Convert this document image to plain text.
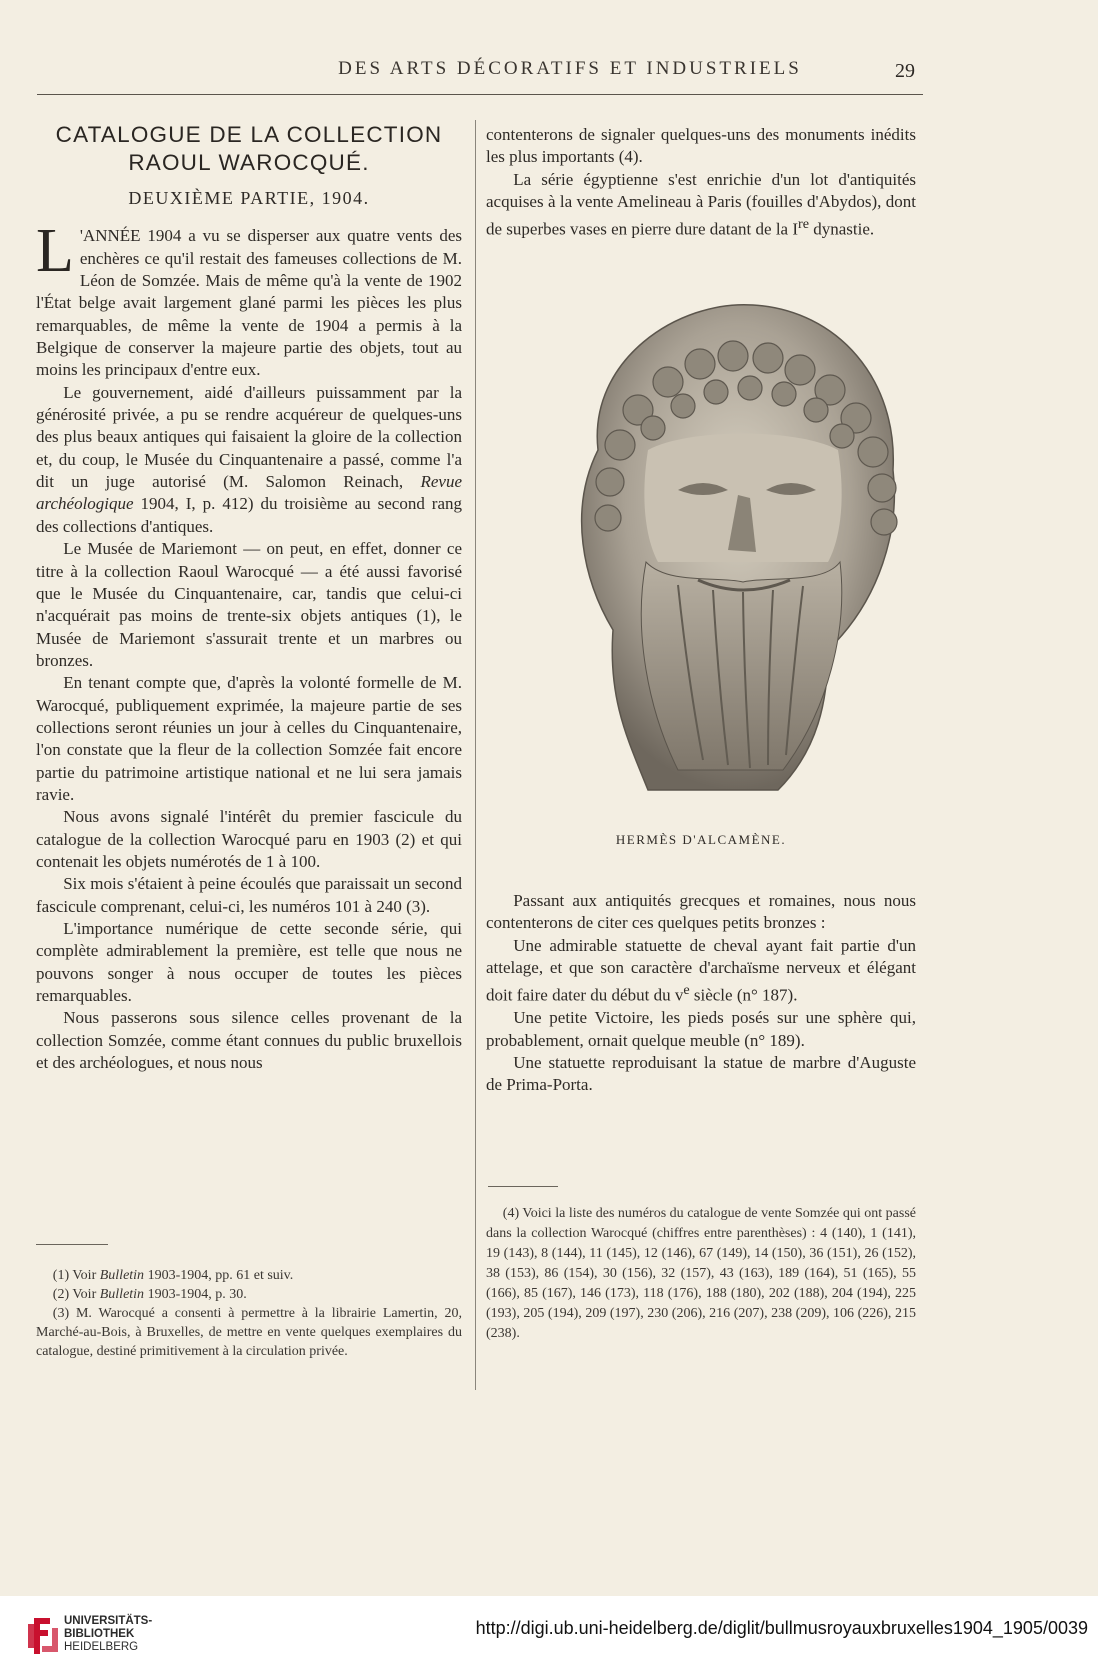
DES ARTS DÉCORATIFS ET INDUSTRIELS	29
CATALOGUE DE LA COLLECTION
RAOUL WAROCQUÉ.
DEUXIÈME PARTIE, 1904.

L 'ANNÉE 1904 a vu se disperser aux quatre vents des enchères ce qu'il restait des fameuses collections de M. Léon de Somzée. Mais de même qu'à la vente de 1902 l'État belge avait largement glané parmi les pièces les plus remarquables, de même la vente de 1904 a permis à la Belgique de conserver la majeure partie des objets, tout au moins les principaux d'entre eux.

Le gouvernement, aidé d'ailleurs puissamment par la générosité privée, a pu se rendre acquéreur de quelques-uns des plus beaux antiques qui faisaient la gloire de la collection et, du coup, le Musée du Cinquantenaire a passé, comme l'a dit un juge autorisé (M. Salomon Reinach, Revue archéologique 1904, I, p. 412) du troisième au second rang des collections d'antiques.

Le Musée de Mariemont — on peut, en effet, donner ce titre à la collection Raoul Warocqué — a été aussi favorisé que le Musée du Cinquantenaire, car, tandis que celui-ci n'acquérait pas moins de trente-six objets antiques (1), le Musée de Mariemont s'assurait trente et un marbres ou bronzes.

En tenant compte que, d'après la volonté formelle de M. Warocqué, publiquement exprimée, la majeure partie de ses collections seront réunies un jour à celles du Cinquantenaire, l'on constate que la fleur de la collection Somzée fait encore partie du patrimoine artistique national et ne lui sera jamais ravie.

Nous avons signalé l'intérêt du premier fascicule du catalogue de la collection Warocqué paru en 1903 (2) et qui contenait les objets numérotés de 1 à 100.

Six mois s'étaient à peine écoulés que paraissait un second fascicule comprenant, celui-ci, les numéros 101 à 240 (3).

L'importance numérique de cette seconde série, qui complète admirablement la première, est telle que nous ne pouvons songer à nous occuper de toutes les pièces remarquables.

Nous passerons sous silence celles provenant de la collection Somzée, comme étant connues du public bruxellois et des archéologues, et nous nous

contenterons de signaler quelques-uns des monuments inédits les plus importants (4).

La série égyptienne s'est enrichie d'un lot d'antiquités acquises à la vente Amelineau à Paris (fouilles d'Abydos), dont de superbes vases en pierre dure datant de la Ire dynastie.

HERMÈS D'ALCAMÈNE.

Passant aux antiquités grecques et romaines, nous nous contenterons de citer ces quelques petits bronzes :

Une admirable statuette de cheval ayant fait partie d'un attelage, et que son caractère d'archaïsme nerveux et élégant doit faire dater du début du $v^e$ siècle (n° 187).

Une petite Victoire, les pieds posés sur une sphère qui, probablement, ornait quelque meuble (n° 189).

Une statuette reproduisant la statue de marbre d'Auguste de Prima-Porta.

(1) Voir Bulletin 1903-1904, pp. 61 et suiv.

(2) Voir Bulletin 1903-1904, p. 30.

(3) M. Warocqué a consenti à permettre à la librairie Lamertin, 20, Marché-au-Bois, à Bruxelles, de mettre en vente quelques exemplaires du catalogue, destiné primitivement à la circulation privée.

(4) Voici la liste des numéros du catalogue de vente Somzée qui ont passé dans la collection Warocqué (chiffres entre parenthèses) : 4 (140), 1 (141), 19 (143), 8 (144), 11 (145), 12 (146), 67 (149), 14 (150), 36 (151), 26 (152), 38 (153), 86 (154), 30 (156), 32 (157), 43 (163), 189 (164), 51 (165), 55 (166), 85 (167), 146 (173), 118 (176), 188 (180), 202 (188), 204 (194), 225 (193), 205 (194), 209 (197), 230 (206), 216 (207), 238 (209), 106 (226), 215 (238).

UNIVERSITÄTS-
BIBLIOTHEK
HEIDELBERG
http://digi.ub.uni-heidelberg.de/diglit/bullmusroyauxbruxelles1904_1905/0039
